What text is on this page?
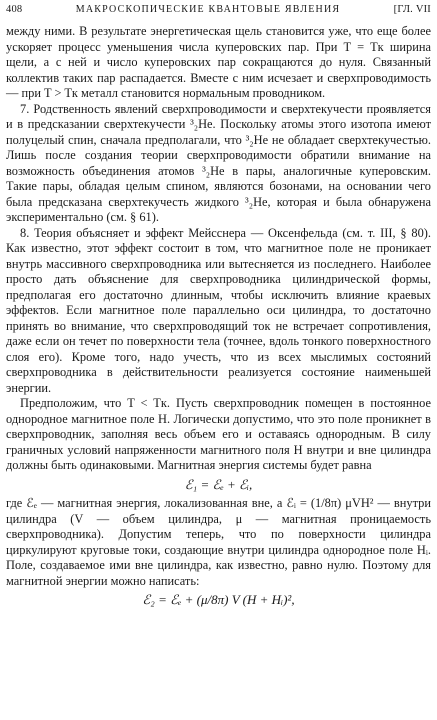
408	МАКРОСКОПИЧЕСКИЕ КВАНТОВЫЕ ЯВЛЕНИЯ	[ГЛ. VII

между ними. В результате энергетическая щель становится уже, что еще более ускоряет процесс уменьшения числа куперовских пар. При T = Tк ширина щели, а с ней и число куперовских пар сокращаются до нуля. Связанный коллектив таких пар распадается. Вместе с ним исчезает и сверхпроводимость — при T > Tк металл становится нормальным проводником.

7. Родственность явлений сверхпроводимости и сверхтекучести проявляется и в предсказании сверхтекучести ³₂He. Поскольку атомы этого изотопа имеют полуцелый спин, сначала предполагали, что ³₂He не обладает сверхтекучестью. Лишь после создания теории сверхпроводимости обратили внимание на возможность объединения атомов ³₂He в пары, аналогичные куперовским. Такие пары, обладая целым спином, являются бозонами, на основании чего была предсказана сверхтекучесть жидкого ³₂He, которая и была обнаружена экспериментально (см. § 61).

8. Теория объясняет и эффект Мейсснера — Оксенфельда (см. т. III, § 80). Как известно, этот эффект состоит в том, что магнитное поле не проникает внутрь массивного сверхпроводника или вытесняется из последнего. Наиболее просто дать объяснение для сверхпроводника цилиндрической формы, предполагая его достаточно длинным, чтобы исключить влияние краевых эффектов. Если магнитное поле параллельно оси цилиндра, то достаточно принять во внимание, что сверхпроводящий ток не встречает сопротивления, даже если он течет по поверхности тела (точнее, вдоль тонкого поверхностного слоя его). Кроме того, надо учесть, что из всех мыслимых состояний сверхпроводника в действительности реализуется состояние наименьшей энергии.

Предположим, что T < Tк. Пусть сверхпроводник помещен в постоянное однородное магнитное поле H. Логически допустимо, что это поле проникнет в сверхпроводник, заполняя весь объем его и оставаясь однородным. В силу граничных условий напряженности магнитного поля H внутри и вне цилиндра должны быть одинаковыми. Магнитная энергия системы будет равна

ℰ₁ = ℰₑ + ℰᵢ,

где ℰₑ — магнитная энергия, локализованная вне, а ℰᵢ = (1/8π) μVH² — внутри цилиндра (V — объем цилиндра, μ — магнитная проницаемость сверхпроводника). Допустим теперь, что по поверхности цилиндра циркулируют круговые токи, создающие внутри цилиндра однородное поле Hᵢ. Поле, создаваемое ими вне цилиндра, как известно, равно нулю. Поэтому для магнитной энергии можно написать:

ℰ₂ = ℰₑ + (μ/8π) V (H + Hᵢ)²,
